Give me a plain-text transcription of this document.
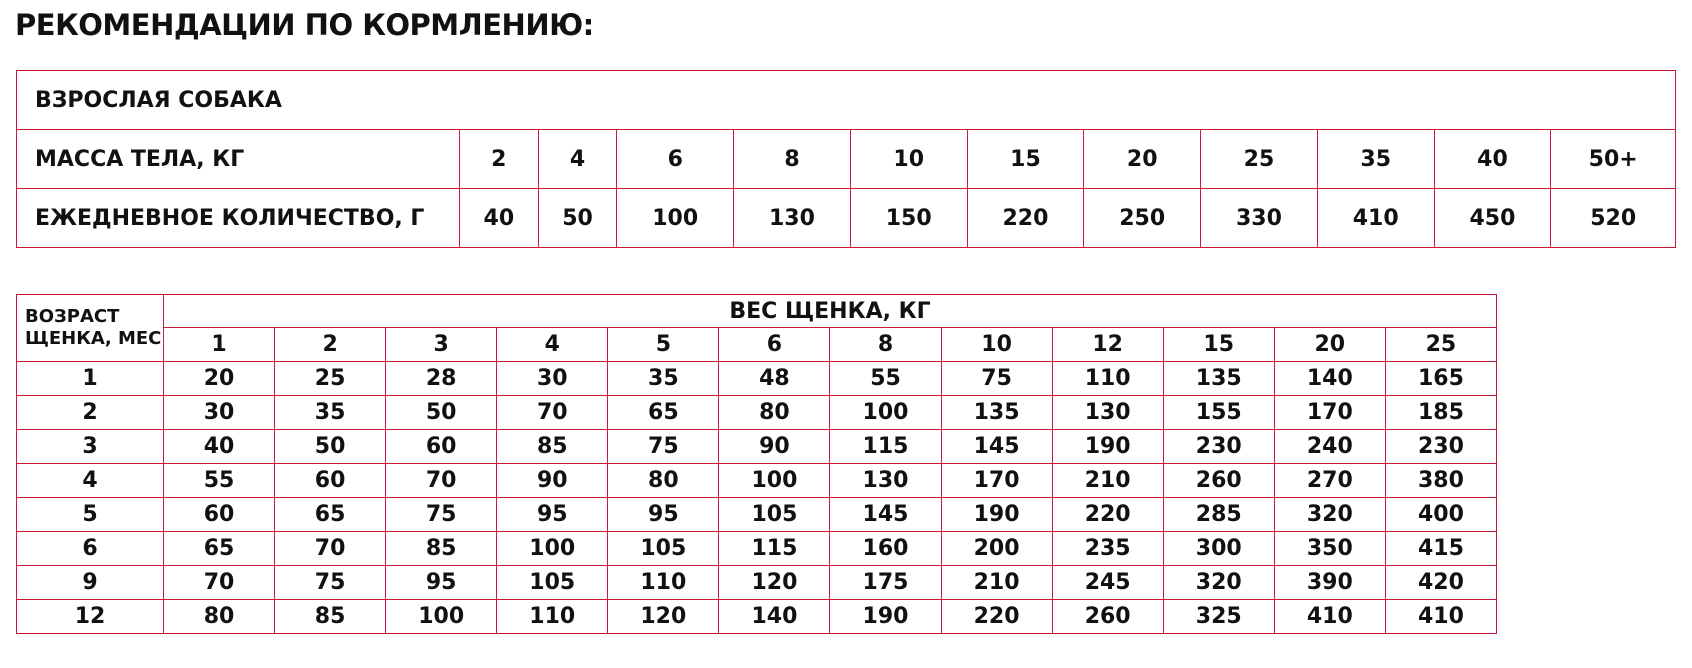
РЕКОМЕНДАЦИИ ПО КОРМЛЕНИЮ:
ВЗРОСЛАЯ СОБАКА											
МАССА ТЕЛА, КГ	2	4	6	8	10	15	20	25	35	40	50+
ЕЖЕДНЕВНОЕ КОЛИЧЕСТВО, Г	40	50	100	130	150	220	250	330	410	450	520
ВОЗРАСТ ЩЕНКА, МЕС	ВЕС ЩЕНКА, КГ											
	1	2	3	4	5	6	8	10	12	15	20	25
1	20	25	28	30	35	48	55	75	110	135	140	165
2	30	35	50	70	65	80	100	135	130	155	170	185
3	40	50	60	85	75	90	115	145	190	230	240	230
4	55	60	70	90	80	100	130	170	210	260	270	380
5	60	65	75	95	95	105	145	190	220	285	320	400
6	65	70	85	100	105	115	160	200	235	300	350	415
9	70	75	95	105	110	120	175	210	245	320	390	420
12	80	85	100	110	120	140	190	220	260	325	410	410
